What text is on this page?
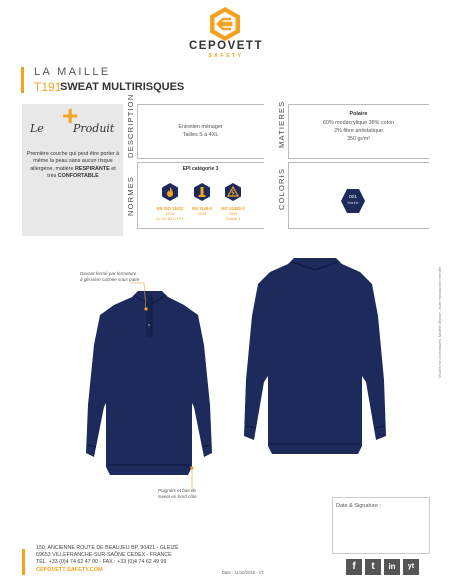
CEPOVETT
SAFETY
LA MAILLE
T191
SWEAT MULTIRISQUES
Le +
Produit
Première couche qui peut être porter à même la peau sans aucun risque allergène, matière RESPIRANTE et très CONFORTABLE
DESCRIPTION	Entretien ménager
Tailles S à 4XL	MATIERES	Polaire
60% modacrylique 38% coton
2% fibre antistatique
350 gr/m²
NORMES
EPI catégorie 3
EN ISO 11612
2015
A1 A2 B1 C1 F1
EN 1149-5
2008
IEC 61482-2
2009
Classe 1
COLORIS	001
Marine
Devant fermé par fermeture
à glissière cachée sous patte
Poignets et bas de
sweat en bord côte
Visuels non contractuels. Modèle déposé - toute reproduction interdite.
Date & Signature :
150, ANCIENNE ROUTE DE BEAUJEU BP. 90421 - GLEIZÉ
69653 VILLEFRANCHE-SUR-SAÔNE CEDEX - FRANCE
TÉL. +33 (0)4 74 62 47 00 - FAX : +33 (0)4 74 62 49 99
CEPOVETT-SAFETY.COM	Date : 11/10/2018 - V1
f	t	in	yt
